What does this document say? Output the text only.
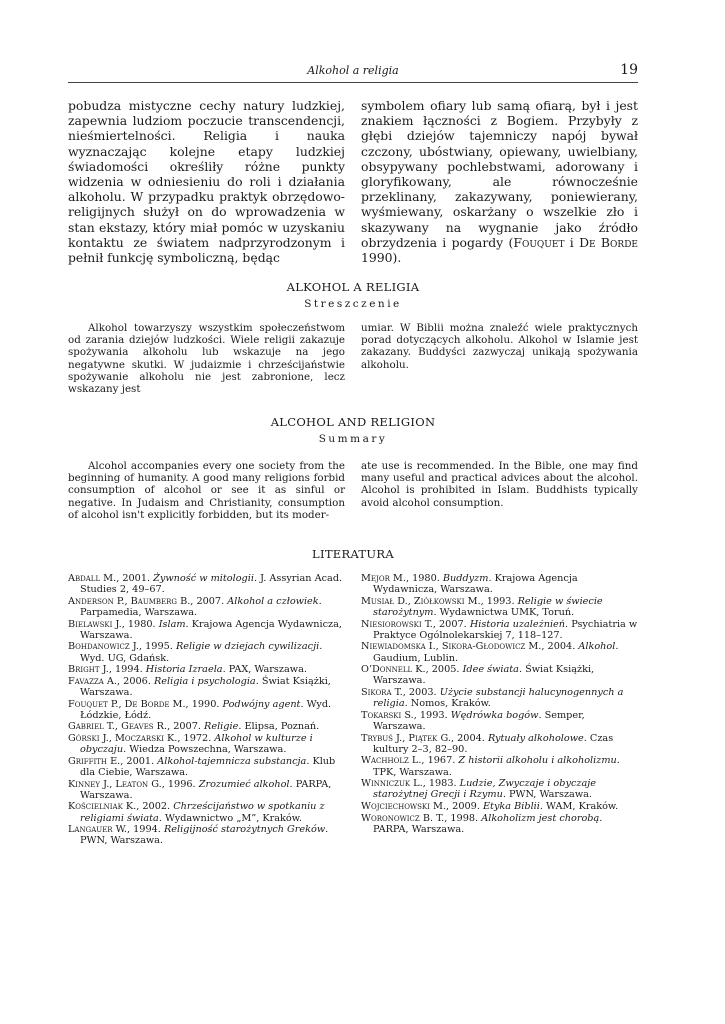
Alkohol a religia	19

pobudza mistyczne cechy natury ludzkiej, zapewnia ludziom poczucie transcendencji, nieśmiertelności. Religia i nauka wyznaczając kolejne etapy ludzkiej świadomości określiły różne punkty widzenia w odniesieniu do roli i działania alkoholu. W przypadku praktyk obrzędowo-religijnych służył on do wprowadzenia w stan ekstazy, który miał pomóc w uzyskaniu kontaktu ze światem nadprzyrodzonym i pełnił funkcję symboliczną, będąc

symbolem ofiary lub samą ofiarą, był i jest znakiem łączności z Bogiem. Przybyły z głębi dziejów tajemniczy napój bywał czczony, ubóstwiany, opiewany, uwielbiany, obsypywany pochlebstwami, adorowany i gloryfikowany, ale równocześnie przeklinany, zakazywany, poniewierany, wyśmiewany, oskarżany o wszelkie zło i skazywany na wygnanie jako źródło obrzydzenia i pogardy (Fouquet i De Borde 1990).

ALKOHOL A RELIGIA
Streszczenie

Alkohol towarzyszy wszystkim społeczeństwom od zarania dziejów ludzkości. Wiele religii zakazuje spożywania alkoholu lub wskazuje na jego negatywne skutki. W judaizmie i chrześcijaństwie spożywanie alkoholu nie jest zabronione, lecz wskazany jest

umiar. W Biblii można znaleźć wiele praktycznych porad dotyczących alkoholu. Alkohol w Islamie jest zakazany. Buddyści zazwyczaj unikają spożywania alkoholu.

ALCOHOL AND RELIGION
Summary

Alcohol accompanies every one society from the beginning of humanity. A good many religions forbid consumption of alcohol or see it as sinful or negative. In Judaism and Christianity, consumption of alcohol isn't explicitly forbidden, but its moder-

ate use is recommended. In the Bible, one may find many useful and practical advices about the alcohol. Alcohol is prohibited in Islam. Buddhists typically avoid alcohol consumption.

LITERATURA

Abdall M., 2001. Żywność w mitologii. J. Assyrian Acad. Studies 2, 49–67.

Anderson P., Baumberg B., 2007. Alkohol a człowiek. Parpamedia, Warszawa.

Bielawski J., 1980. Islam. Krajowa Agencja Wydawnicza, Warszawa.

Bohdanowicz J., 1995. Religie w dziejach cywilizacji. Wyd. UG, Gdańsk.

Bright J., 1994. Historia Izraela. PAX, Warszawa.

Favazza A., 2006. Religia i psychologia. Świat Książki, Warszawa.

Fouquet P., De Borde M., 1990. Podwójny agent. Wyd. Łódzkie, Łódź.

Gabriel T., Geaves R., 2007. Religie. Elipsa, Poznań.

Górski J., Moczarski K., 1972. Alkohol w kulturze i obyczaju. Wiedza Powszechna, Warszawa.

Griffith E., 2001. Alkohol-tajemnicza substancja. Klub dla Ciebie, Warszawa.

Kinney J., Leaton G., 1996. Zrozumieć alkohol. PARPA, Warszawa.

Kościelniak K., 2002. Chrześcijaństwo w spotkaniu z religiami świata. Wydawnictwo „M”, Kraków.

Langauer W., 1994. Religijność starożytnych Greków. PWN, Warszawa.

Mejor M., 1980. Buddyzm. Krajowa Agencja Wydawnicza, Warszawa.

Musiał D., Ziółkowski M., 1993. Religie w świecie starożytnym. Wydawnictwa UMK, Toruń.

Niesiorowski T., 2007. Historia uzależnień. Psychiatria w Praktyce Ogólnolekarskiej 7, 118–127.

Niewiadomska I., Sikora-Głodowicz M., 2004. Alkohol. Gaudium, Lublin.

O’Donnell K., 2005. Idee świata. Świat Książki, Warszawa.

Sikora T., 2003. Użycie substancji halucynogennych a religia. Nomos, Kraków.

Tokarski S., 1993. Wędrówka bogów. Semper, Warszawa.

Trybuś J., Piątek G., 2004. Rytuały alkoholowe. Czas kultury 2–3, 82–90.

Wachholz L., 1967. Z historii alkoholu i alkoholizmu. TPK, Warszawa.

Winniczuk L., 1983. Ludzie, Zwyczaje i obyczaje starożytnej Grecji i Rzymu. PWN, Warszawa.

Wojciechowski M., 2009. Etyka Biblii. WAM, Kraków.

Woronowicz B. T., 1998. Alkoholizm jest chorobą. PARPA, Warszawa.
